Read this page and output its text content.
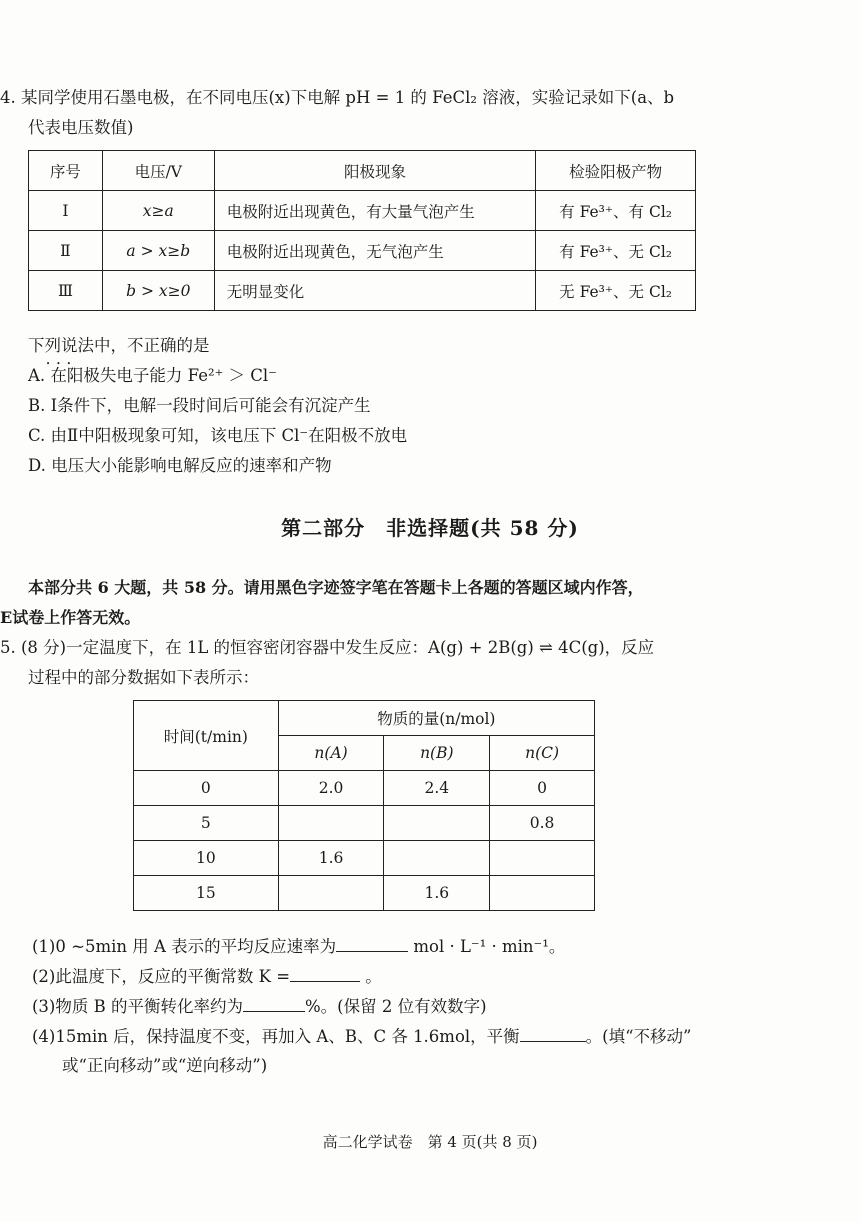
4. 某同学使用石墨电极，在不同电压(x)下电解 pH = 1 的 FeCl₂ 溶液，实验记录如下(a、b
代表电压数值)
序号	电压/V	阳极现象	检验阳极产物
Ⅰ	x≥a	电极附近出现黄色，有大量气泡产生	有 Fe³⁺、有 Cl₂
Ⅱ	a > x≥b	电极附近出现黄色，无气泡产生	有 Fe³⁺、无 Cl₂
Ⅲ	b > x≥0	无明显变化	无 Fe³⁺、无 Cl₂
下列说法中，不正确的是 • • •
A. 在阳极失电子能力 Fe²⁺ ＞ Cl⁻
B. Ⅰ条件下，电解一段时间后可能会有沉淀产生
C. 由Ⅱ中阳极现象可知，该电压下 Cl⁻在阳极不放电
D. 电压大小能影响电解反应的速率和产物
第二部分　非选择题(共 58 分)
本部分共 6 大题，共 58 分。请用黑色字迹签字笔在答题卡上各题的答题区域内作答，
E试卷上作答无效。
5. (8 分)一定温度下，在 1L 的恒容密闭容器中发生反应：A(g) + 2B(g) ⇌ 4C(g)，反应
过程中的部分数据如下表所示：
时间(t/min)	物质的量(n/mol)		
	n(A)	n(B)	n(C)
0	2.0	2.4	0
5			0.8
10	1.6		
15		1.6	
(1)0 ~5min 用 A 表示的平均反应速率为	mol · L⁻¹ · min⁻¹。
(2)此温度下，反应的平衡常数 K =	。
(3)物质 B 的平衡转化率约为	%。(保留 2 位有效数字)
(4)15min 后，保持温度不变，再加入 A、B、C 各 1.6mol，平衡	。(填“不移动”
或“正向移动”或“逆向移动”)
高二化学试卷　第 4 页(共 8 页)
